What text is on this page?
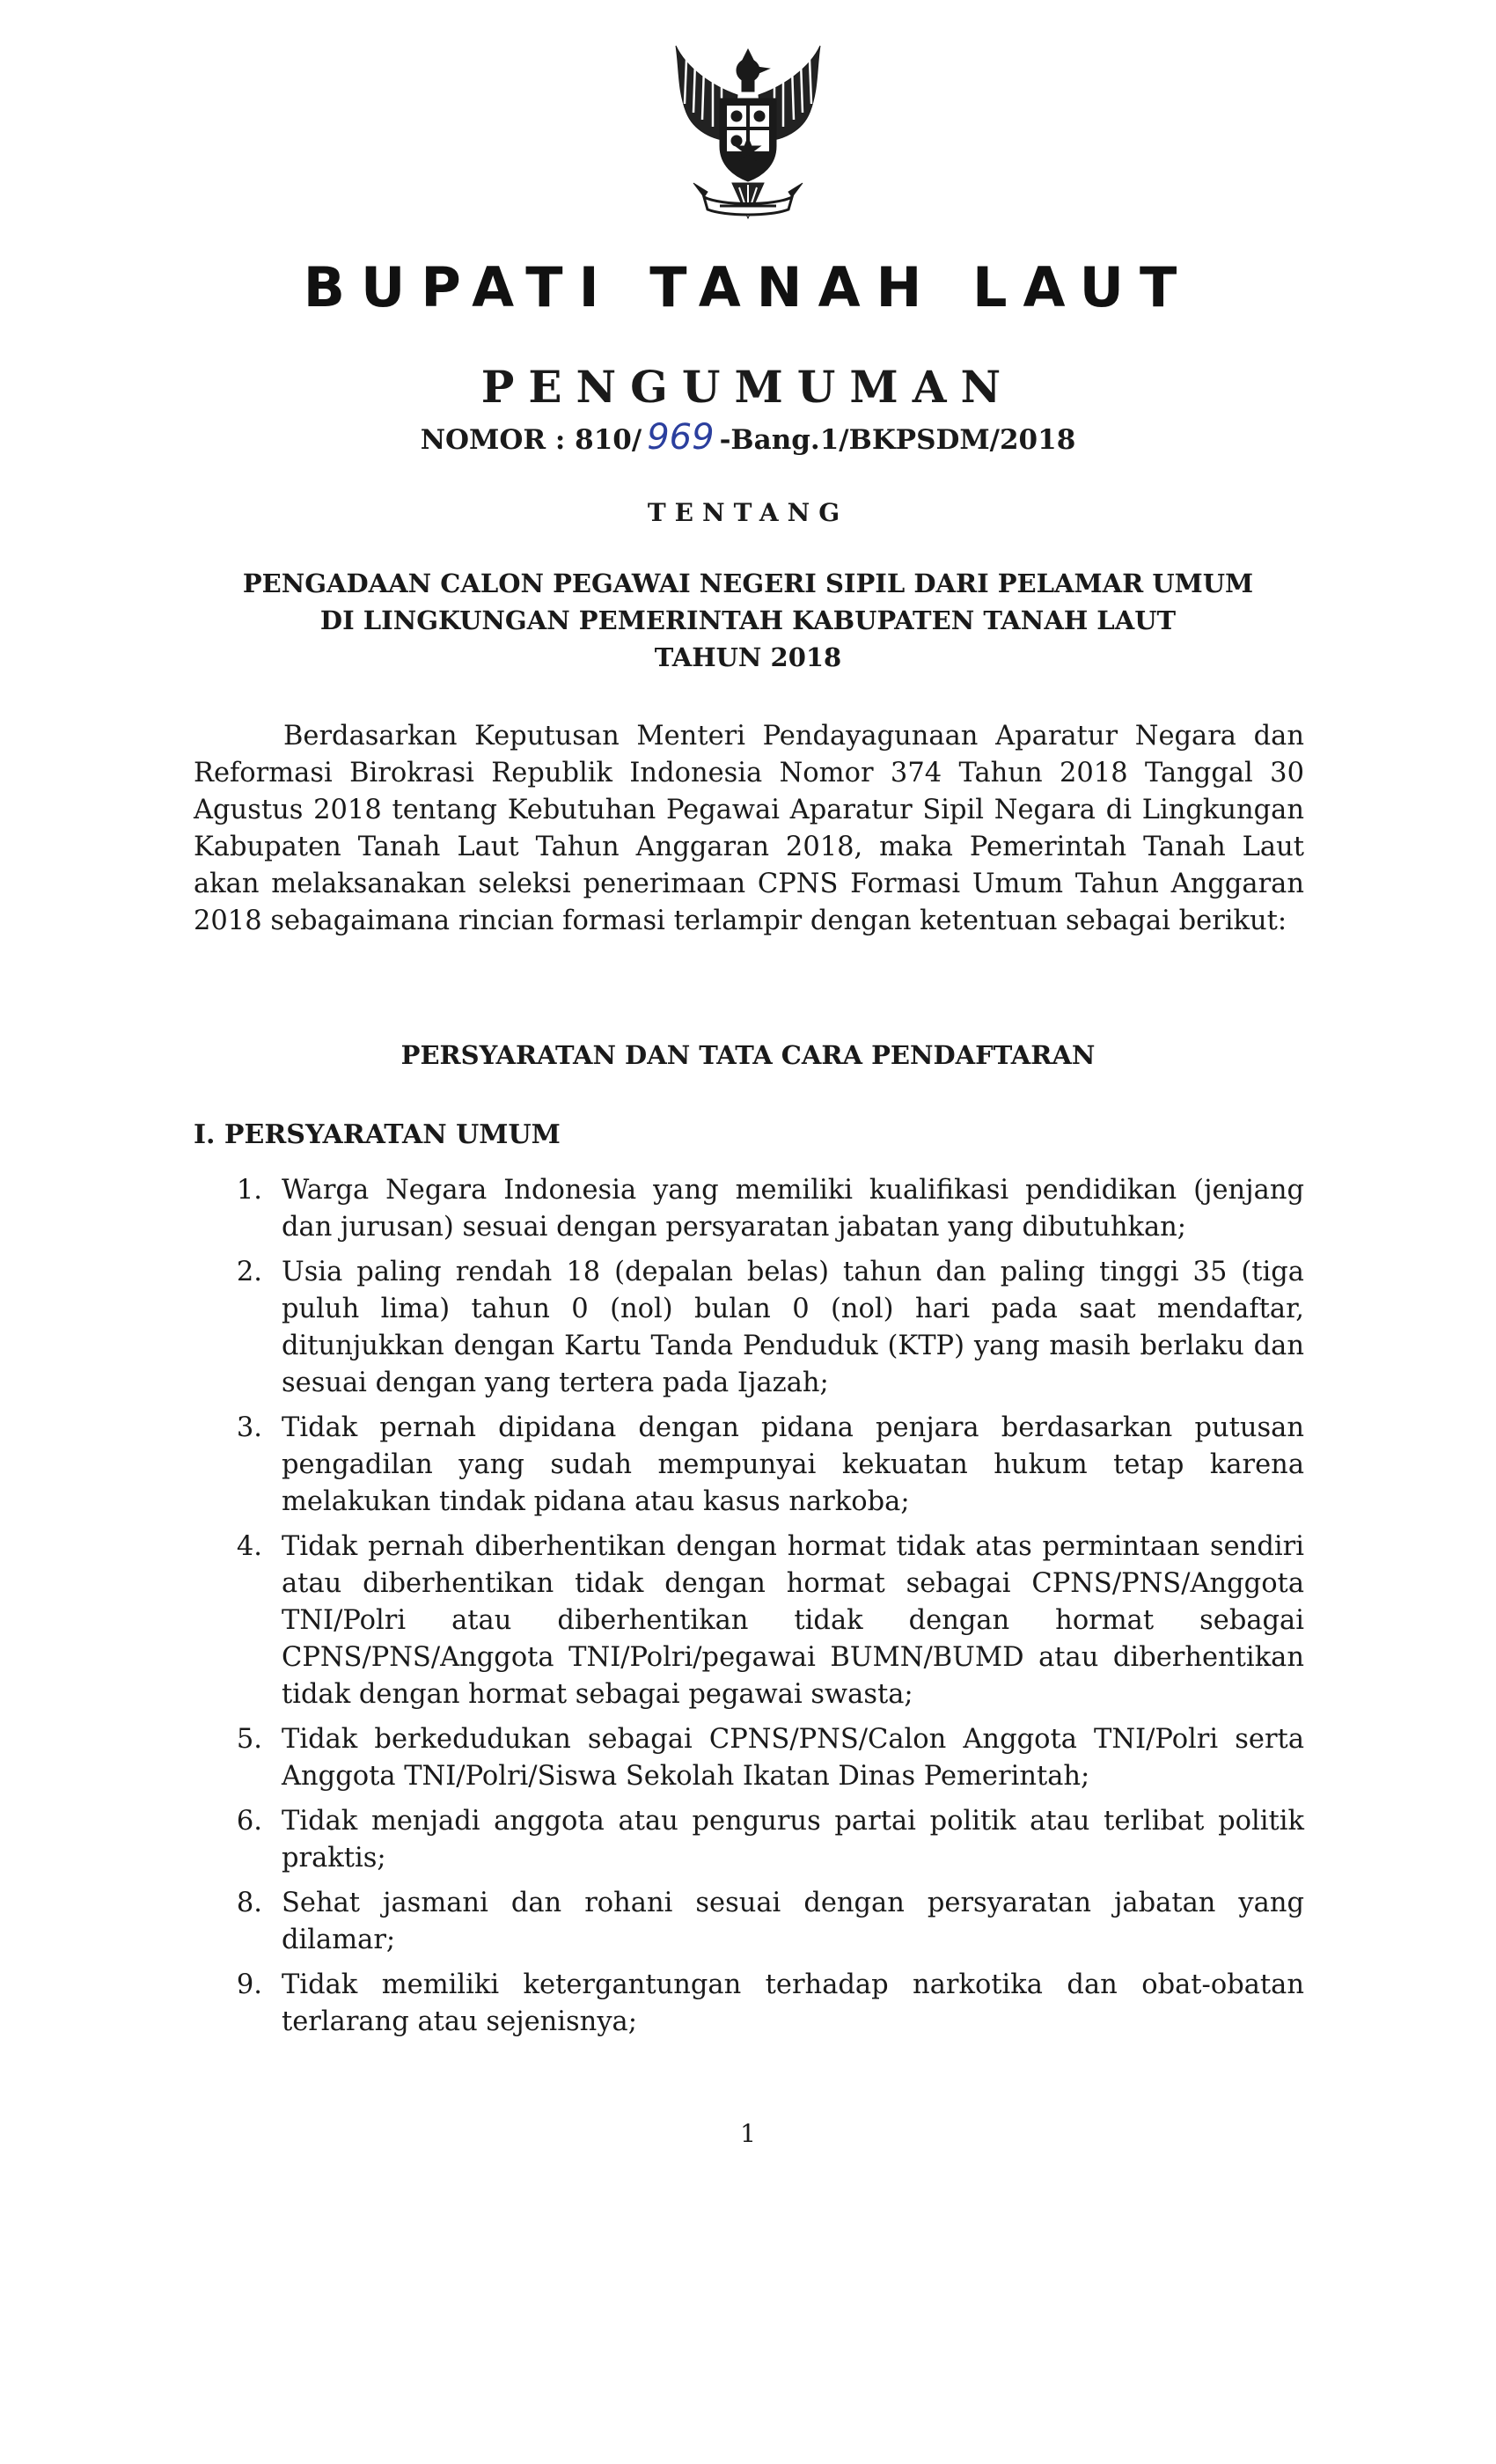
BUPATI TANAH LAUT
PENGUMUMAN
NOMOR : 810/ 969 -Bang.1/BKPSDM/2018
TENTANG
PENGADAAN CALON PEGAWAI NEGERI SIPIL DARI PELAMAR UMUM
DI LINGKUNGAN PEMERINTAH KABUPATEN TANAH LAUT
TAHUN 2018

Berdasarkan Keputusan Menteri Pendayagunaan Aparatur Negara dan Reformasi Birokrasi Republik Indonesia Nomor 374 Tahun 2018 Tanggal 30 Agustus 2018 tentang Kebutuhan Pegawai Aparatur Sipil Negara di Lingkungan Kabupaten Tanah Laut Tahun Anggaran 2018, maka Pemerintah Tanah Laut akan melaksanakan seleksi penerimaan CPNS Formasi Umum Tahun Anggaran 2018 sebagaimana rincian formasi terlampir dengan ketentuan sebagai berikut:

PERSYARATAN DAN TATA CARA PENDAFTARAN
I. PERSYARATAN UMUM
1. Warga Negara Indonesia yang memiliki kualifikasi pendidikan (jenjang dan jurusan) sesuai dengan persyaratan jabatan yang dibutuhkan;
2. Usia paling rendah 18 (depalan belas) tahun dan paling tinggi 35 (tiga puluh lima) tahun 0 (nol) bulan 0 (nol) hari pada saat mendaftar, ditunjukkan dengan Kartu Tanda Penduduk (KTP) yang masih berlaku dan sesuai dengan yang tertera pada Ijazah;
3. Tidak pernah dipidana dengan pidana penjara berdasarkan putusan pengadilan yang sudah mempunyai kekuatan hukum tetap karena melakukan tindak pidana atau kasus narkoba;
4. Tidak pernah diberhentikan dengan hormat tidak atas permintaan sendiri atau diberhentikan tidak dengan hormat sebagai CPNS/PNS/Anggota TNI/Polri atau diberhentikan tidak dengan hormat sebagai CPNS/PNS/Anggota TNI/Polri/pegawai BUMN/BUMD atau diberhentikan tidak dengan hormat sebagai pegawai swasta;
5. Tidak berkedudukan sebagai CPNS/PNS/Calon Anggota TNI/Polri serta Anggota TNI/Polri/Siswa Sekolah Ikatan Dinas Pemerintah;
6. Tidak menjadi anggota atau pengurus partai politik atau terlibat politik praktis;
8. Sehat jasmani dan rohani sesuai dengan persyaratan jabatan yang dilamar;
9. Tidak memiliki ketergantungan terhadap narkotika dan obat-obatan terlarang atau sejenisnya;
1
